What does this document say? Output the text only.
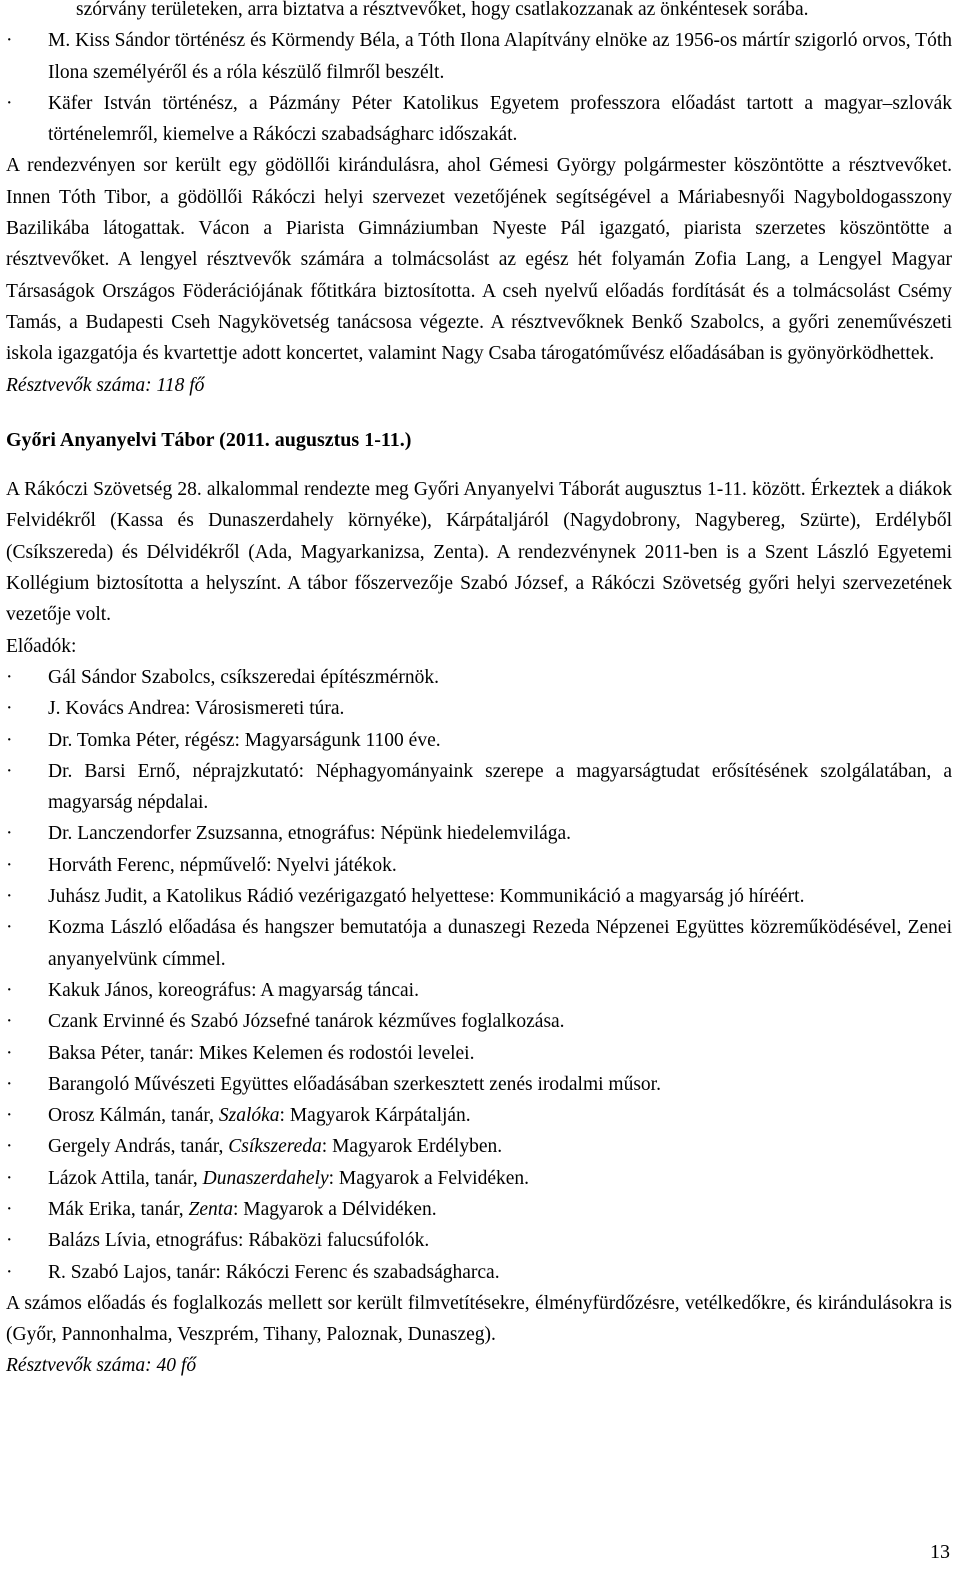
szórvány területeken, arra biztatva a résztvevőket, hogy csatlakozzanak az önkéntesek sorába.

·	M. Kiss Sándor történész és Körmendy Béla, a Tóth Ilona Alapítvány elnöke az 1956-os mártír szigorló orvos, Tóth Ilona személyéről és a róla készülő filmről beszélt.

·	Käfer István történész, a Pázmány Péter Katolikus Egyetem professzora előadást tartott a magyar–szlovák történelemről, kiemelve a Rákóczi szabadságharc időszakát.

A rendezvényen sor került egy gödöllői kirándulásra, ahol Gémesi György polgármester köszöntötte a résztvevőket. Innen Tóth Tibor, a gödöllői Rákóczi helyi szervezet vezetőjének segítségével a Máriabesnyői Nagyboldogasszony Bazilikába látogattak. Vácon a Piarista Gimnáziumban Nyeste Pál igazgató, piarista szerzetes köszöntötte a résztvevőket. A lengyel résztvevők számára a tolmácsolást az egész hét folyamán Zofia Lang, a Lengyel Magyar Társaságok Országos Föderációjának főtitkára biztosította. A cseh nyelvű előadás fordítását és a tolmácsolást Csémy Tamás, a Budapesti Cseh Nagykövetség tanácsosa végezte. A résztvevőknek Benkő Szabolcs, a győri zeneművészeti iskola igazgatója és kvartettje adott koncertet, valamint Nagy Csaba tárogatóművész előadásában is gyönyörködhettek.

Résztvevők száma: 118 fő

Győri Anyanyelvi Tábor (2011. augusztus 1-11.)

A Rákóczi Szövetség 28. alkalommal rendezte meg Győri Anyanyelvi Táborát augusztus 1-11. között. Érkeztek a diákok Felvidékről (Kassa és Dunaszerdahely környéke), Kárpátaljáról (Nagydobrony, Nagybereg, Szürte), Erdélyből (Csíkszereda) és Délvidékről (Ada, Magyarkanizsa, Zenta). A rendezvénynek 2011-ben is a Szent László Egyetemi Kollégium biztosította a helyszínt. A tábor főszervezője Szabó József, a Rákóczi Szövetség győri helyi szervezetének vezetője volt.

Előadók:

·	Gál Sándor Szabolcs, csíkszeredai építészmérnök.

·	J. Kovács Andrea: Városismereti túra.

·	Dr. Tomka Péter, régész: Magyarságunk 1100 éve.

·	Dr. Barsi Ernő, néprajzkutató: Néphagyományaink szerepe a magyarságtudat erősítésének szolgálatában, a magyarság népdalai.

·	Dr. Lanczendorfer Zsuzsanna, etnográfus: Népünk hiedelemvilága.

·	Horváth Ferenc, népművelő: Nyelvi játékok.

·	Juhász Judit, a Katolikus Rádió vezérigazgató helyettese: Kommunikáció a magyarság jó híréért.

·	Kozma László előadása és hangszer bemutatója a dunaszegi Rezeda Népzenei Együttes közreműködésével, Zenei anyanyelvünk címmel.

·	Kakuk János, koreográfus: A magyarság táncai.

·	Czank Ervinné és Szabó Józsefné tanárok kézműves foglalkozása.

·	Baksa Péter, tanár: Mikes Kelemen és rodostói levelei.

·	Barangoló Művészeti Együttes előadásában szerkesztett zenés irodalmi műsor.

·	Orosz Kálmán, tanár, Szalóka: Magyarok Kárpátalján.

·	Gergely András, tanár, Csíkszereda: Magyarok Erdélyben.

·	Lázok Attila, tanár, Dunaszerdahely: Magyarok a Felvidéken.

·	Mák Erika, tanár, Zenta: Magyarok a Délvidéken.

·	Balázs Lívia, etnográfus: Rábaközi falucsúfolók.

·	R. Szabó Lajos, tanár: Rákóczi Ferenc és szabadságharca.

A számos előadás és foglalkozás mellett sor került filmvetítésekre, élményfürdőzésre, vetélkedőkre, és kirándulásokra is (Győr, Pannonhalma, Veszprém, Tihany, Paloznak, Dunaszeg).

Résztvevők száma: 40 fő

13
